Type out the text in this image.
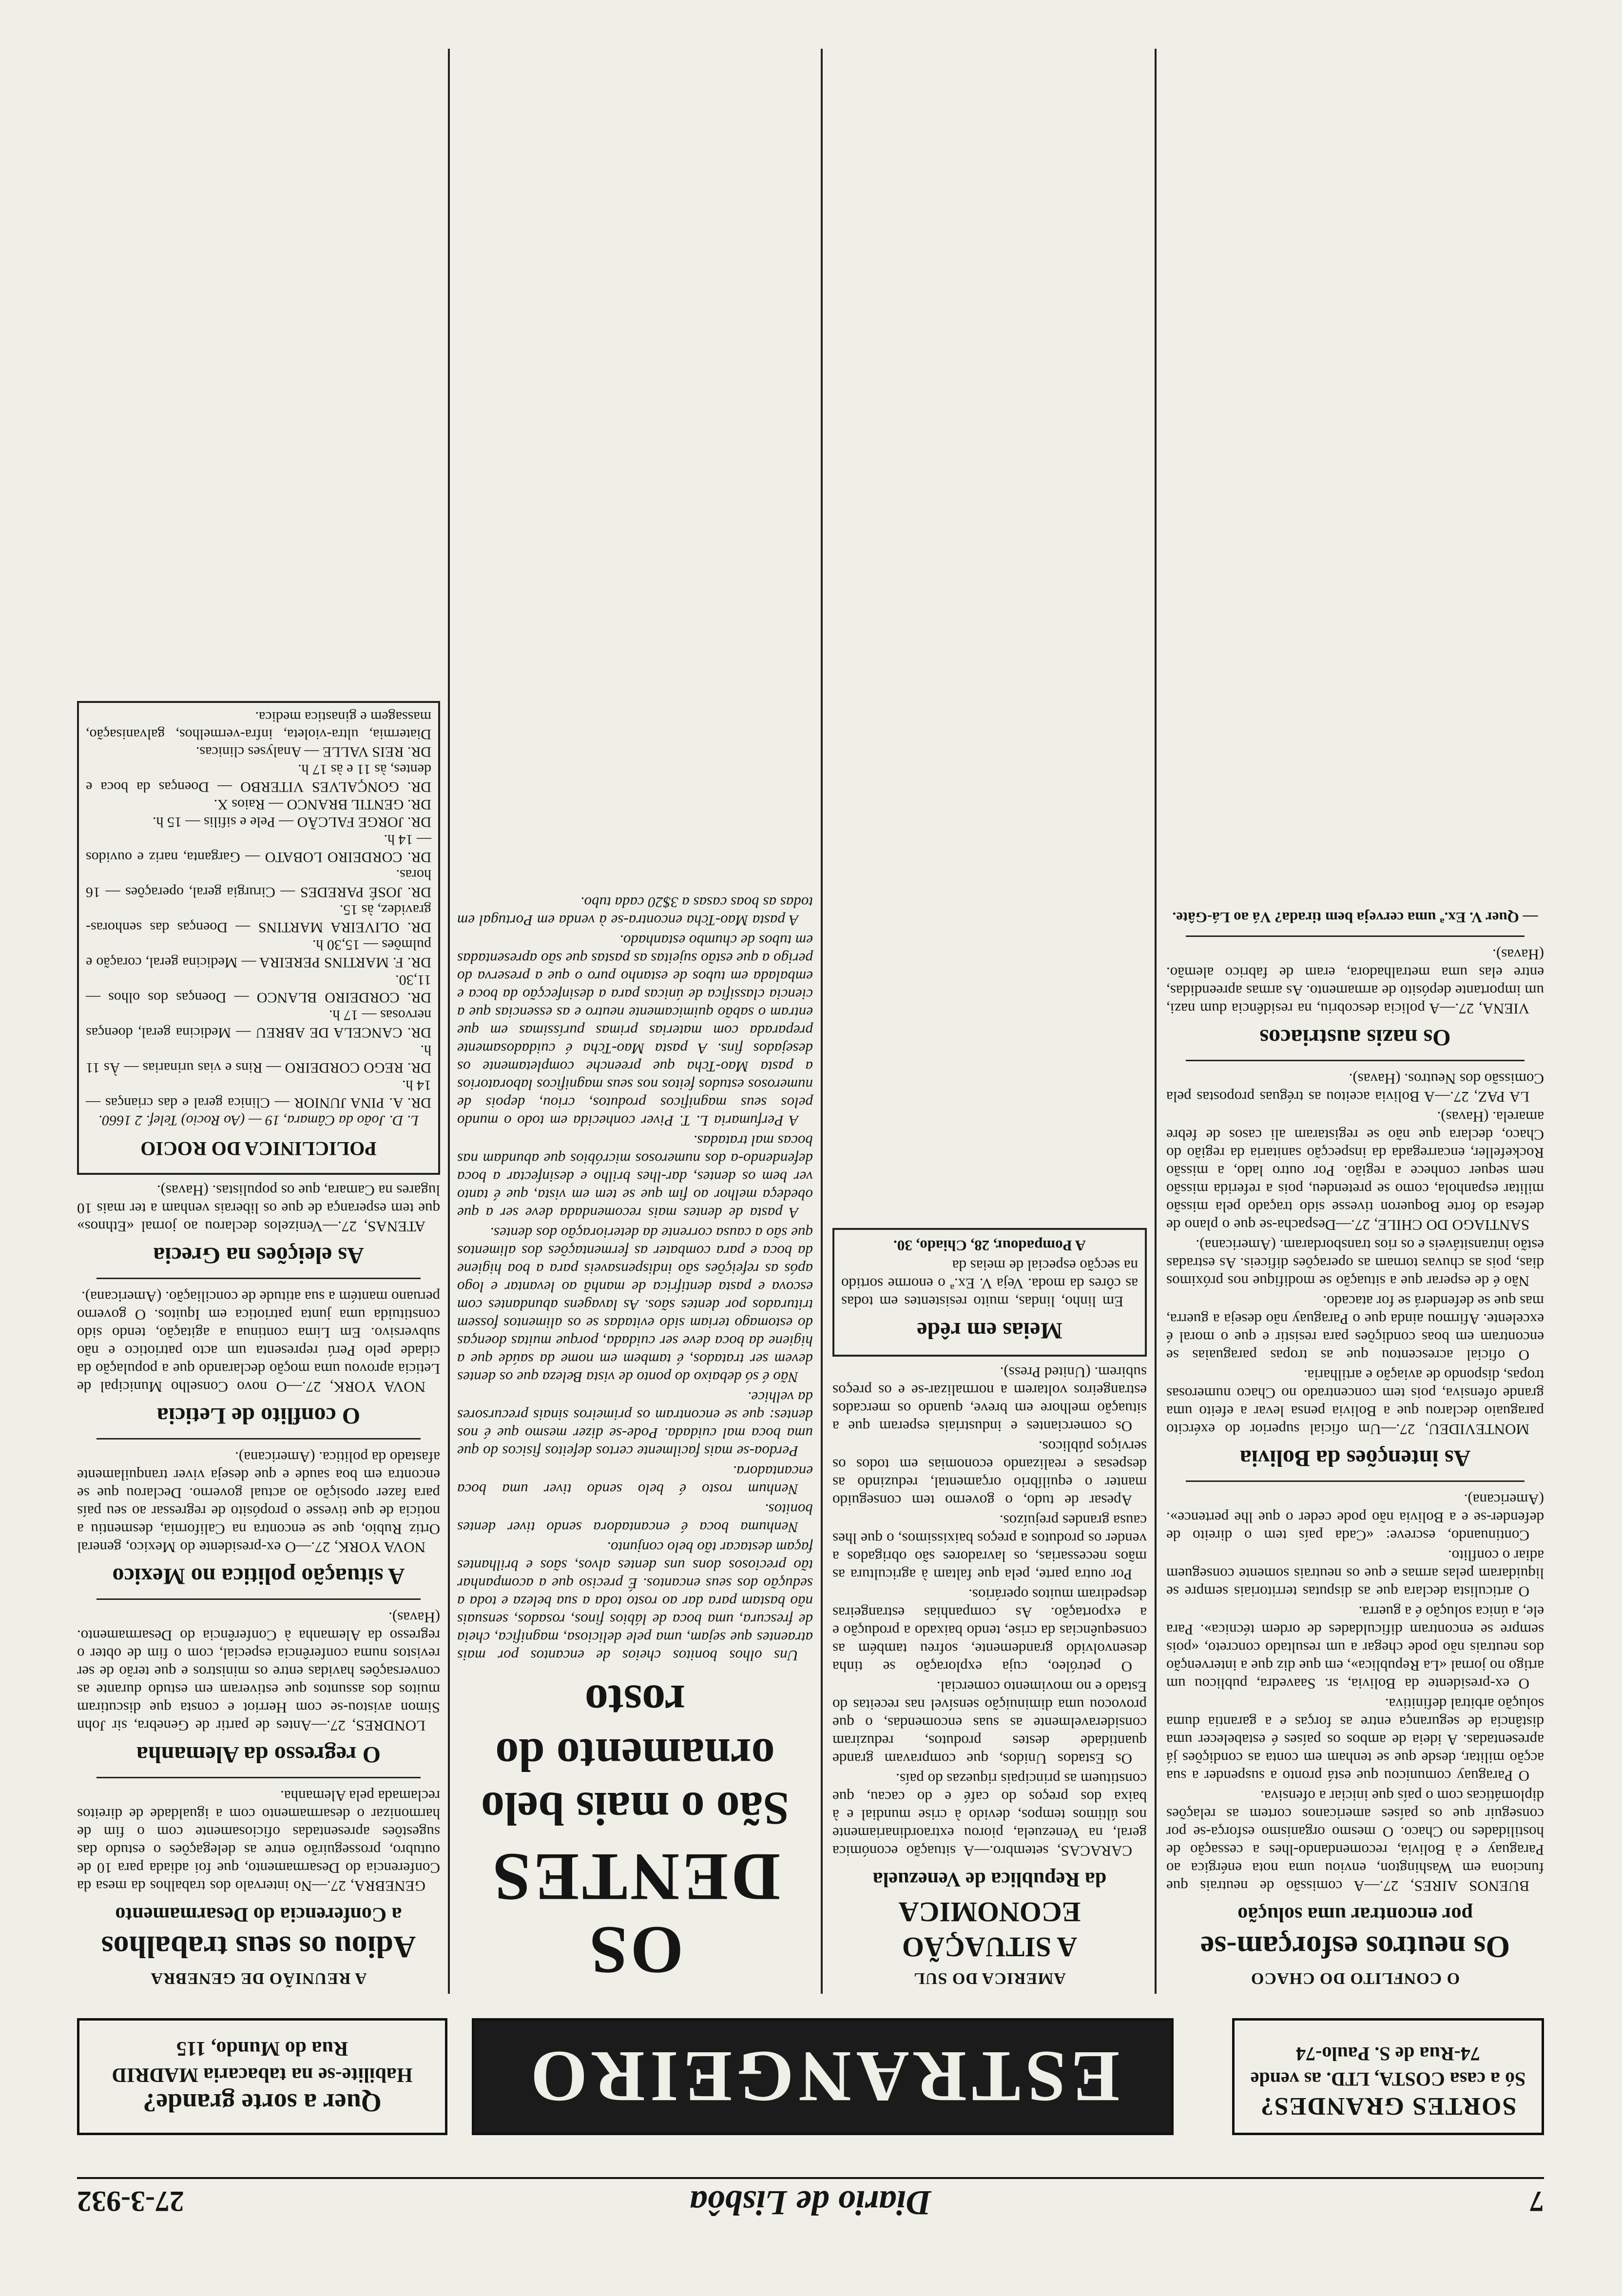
7
Diario de Lisbôa
27-3-932
SORTES GRANDES?
Só a casa COSTA, LTD. as vende
74-Rua de S. Paulo-74
ESTRANGEIRO
Quer a sorte grande?
Habilite-se na tabacaria MADRID
Rua do Mundo, 115
O CONFLITO DO CHACO
Os neutros esforçam-se
por encontrar uma solução

BUENOS AIRES, 27.—A comissão de neutrais que funciona em Washington, enviou uma nota enérgica ao Paraguay e à Bolivia, recomendando-lhes a cessação de hostilidades no Chaco. O mesmo organismo esforça-se por conseguir que os países americanos cortem as relações diplomáticas com o país que iniciar a ofensiva.

O Paraguay comunicou que está pronto a suspender a sua acção militar, desde que se tenham em conta as condições já apresentadas. A ideia de ambos os países é estabelecer uma distância de segurança entre as forças e a garantia duma solução arbitral definitiva.

O ex-presidente da Bolivia, sr. Saavedra, publicou um artigo no jornal «La Republica», em que diz que a intervenção dos neutrais não pode chegar a um resultado concreto, «pois sempre se encontram dificuldades de ordem técnica». Para ele, a única solução é a guerra.

O articulista declara que as disputas territoriais sempre se liquidaram pelas armas e que os neutrais somente conseguem adiar o conflito.

Continuando, escreve: «Cada país tem o direito de defender-se e a Bolivia não pode ceder o que lhe pertence». (Americana).

As intenções da Bolivia

MONTEVIDEU, 27.—Um oficial superior do exército paraguaio declarou que a Bolivia pensa levar a efeito uma grande ofensiva, pois tem concentrado no Chaco numerosas tropas, dispondo de aviação e artilharia.

O oficial acrescentou que as tropas paraguaias se encontram em boas condições para resistir e que o moral é excelente. Afirmou ainda que o Paraguay não deseja a guerra, mas que se defenderá se for atacado.

Não é de esperar que a situação se modifique nos próximos dias, pois as chuvas tornam as operações dificeis. As estradas estão intransitáveis e os rios transbordaram. (Americana).

SANTIAGO DO CHILE, 27.—Despacha-se que o plano de defesa do forte Boqueron tivesse sido traçado pela missão militar espanhola, como se pretendeu, pois a referida missão nem sequer conhece a região. Por outro lado, a missão Rockefeller, encarregada da inspecção sanitaria da região do Chaco, declara que não se registaram ali casos de febre amarela. (Havas).

LA PAZ, 27.—A Bolivia aceitou as tréguas propostas pela Comissão dos Neutros. (Havas).

Os nazis austriacos

VIENA, 27.—A policia descobriu, na residência dum nazi, um importante depósito de armamento. As armas apreendidas, entre elas uma metralhadora, eram de fabrico alemão. (Havas).

— Quer V. Ex.ª uma cerveja bem tirada? Vá ao Lá-Gâte.

AMERICA DO SUL
A SITUAÇÃO ECONOMICA
da Republica de Venezuela

CARACAS, setembro.—A situação económica geral, na Venezuela, piorou extraordinariamente nos últimos tempos, devido à crise mundial e à baixa dos preços do café e do cacau, que constituem as principais riquezas do país.

Os Estados Unidos, que compravam grande quantidade destes produtos, reduziram consideravelmente as suas encomendas, o que provocou uma diminuição sensível nas receitas do Estado e no movimento comercial.

O petróleo, cuja exploração se tinha desenvolvido grandemente, sofreu também as consequências da crise, tendo baixado a produção e a exportação. As companhias estrangeiras despediram muitos operários.

Por outra parte, pela que faltam à agricultura as mãos necessarias, os lavradores são obrigados a vender os produtos a preços baixissimos, o que lhes causa grandes prejuízos.

Apesar de tudo, o governo tem conseguido manter o equilíbrio orçamental, reduzindo as despesas e realizando economias em todos os serviços públicos.

Os comerciantes e industriais esperam que a situação melhore em breve, quando os mercados estrangeiros voltarem a normalizar-se e os preços subirem. (United Press).

Meias em rêde

Em linho, lindas, muito resistentes em todas as côres da moda. Veja V. Ex.ª o enorme sortido na secção especial de meias da

A Pompadour, 28, Chiado, 30.

OS DENTES
São o mais belo ornamento do rosto

Uns olhos bonitos cheios de encantos por mais atraentes que sejam, uma pele deliciosa, magnifica, cheia de frescura, uma boca de lábios finos, rosados, sensuais não bastam para dar ao rosto toda a sua beleza e toda a sedução dos seus encantos. É preciso que a acompanhar tão preciosos dons uns dentes alvos, sãos e brilhantes façam destacar tão belo conjunto.

Nenhuma boca é encantadora sendo tiver dentes bonitos.

Nenhum rosto é belo sendo tiver uma boca encantadora.

Perdoa-se mais facilmente certos defeitos fisicos do que uma boca mal cuidada. Pode-se dizer mesmo que é nos dentes: que se encontram os primeiros sinais precursores da velhice.

Não é só debaixo do ponto de vista Beleza que os dentes devem ser tratados, é tambem em nome da saúde que a higiene da boca deve ser cuidada, porque muitas doenças do estomago teriam sido evitadas se os alimentos fossem triturados por dentes sãos. As lavagens abundantes com escova e pasta dentifrica de manhã ao levantar e logo após as refeições são indispensaveis para a boa higiene da boca e para combater as fermentações dos alimentos que são a causa corrente da deterioração dos dentes.

A pasta de dentes mais recomendada deve ser a que obedeça melhor ao fim que se tem em vista, que é tanto ver bem os dentes, dar-lhes brilho e desinfectar a boca defendendo-a dos numerosos micróbios que abundam nas bocas mal tratadas.

A Perfumaria L. T. Piver conhecida em todo o mundo pelos seus magnificos produtos, criou, depois de numerosos estudos feitos nos seus magnificos laboratorios a pasta Mao-Tcha que preenche completamente os desejados fins. A pasta Mao-Tcha é cuidadosamente preparada com materias primas puríssimas em que entram o sabão quimicamente neutro e as essencias que a ciencia classifica de únicas para a desinfecção da boca e embalada em tubos de estanho puro o que a preserva do perigo a que estão sujeitas as pastas que são apresentadas em tubos de chumbo estanhado.

A pasta Mao-Tcha encontra-se à venda em Portugal em todas as boas casas a 3$20 cada tubo.

A REUNIÃO DE GENEBRA
Adiou os seus trabalhos
a Conferencia do Desarmamento

GENEBRA, 27.—No intervalo dos trabalhos da mesa da Conferencia do Desarmamento, que foi adiada para 10 de outubro, prosseguirão entre as delegações o estudo das sugestões apresentadas oficiosamente com o fim de harmonizar o desarmamento com a igualdade de direitos reclamada pela Alemanha.

O regresso da Alemanha

LONDRES, 27.—Antes de partir de Genebra, sir John Simon avistou-se com Herriot e consta que discutiram muitos dos assuntos que estiveram em estudo durante as conversações havidas entre os ministros e que terão de ser revistos numa conferência especial, com o fim de obter o regresso da Alemanha à Conferência do Desarmamento. (Havas).

A situação politica no Mexico

NOVA YORK, 27.—O ex-presidente do Mexico, general Ortiz Rubio, que se encontra na California, desmentiu a noticia de que tivesse o propósito de regressar ao seu país para fazer oposição ao actual governo. Declarou que se encontra em boa saude e que deseja viver tranquilamente afastado da politica. (Americana).

O conflito de Leticia

NOVA YORK, 27.—O novo Conselho Municipal de Leticia aprovou uma moção declarando que a população da cidade pelo Perú representa um acto patriotico e não subversivo. Em Lima continua a agitação, tendo sido constituida uma junta patriotica em Iquitos. O governo peruano mantém a sua atitude de conciliação. (Americana).

As eleições na Grecia

ATENAS, 27.—Venizelos declarou ao jornal «Ethnos» que tem esperança de que os liberais venham a ter mais 10 lugares na Camara, que os populistas. (Havas).

POLICLINICA DO ROCIO
L. D. João da Câmara, 19 — (Ao Rocio) Telef. 2 1660.
DR. A. PINA JUNIOR — Clinica geral e das crianças — 14 h.
DR. REGO CORDEIRO — Rins e vias urinarias — Às 11 h.
DR. CANCELA DE ABREU — Medicina geral, doenças nervosas — 17 h.
DR. CORDEIRO BLANCO — Doenças dos olhos — 11,30.
DR. F. MARTINS PEREIRA — Medicina geral, coração e pulmões — 15,30 h.
DR. OLIVEIRA MARTINS — Doenças das senhoras-gravidez, às 15.
DR. JOSÉ PAREDES — Cirurgia geral, operações — 16 horas.
DR. CORDEIRO LOBATO — Garganta, nariz e ouvidos — 14 h.
DR. JORGE FALCÃO — Pele e sifilis — 15 h.
DR. GENTIL BRANCO — Raios X.
DR. GONÇALVES VITERBO — Doenças da boca e dentes, às 11 e às 17 h.
DR. REIS VALLE — Analyses clinicas.
Diatermia, ultra-violeta, infra-vermelhos, galvanisação, massagem e ginastica medica.
